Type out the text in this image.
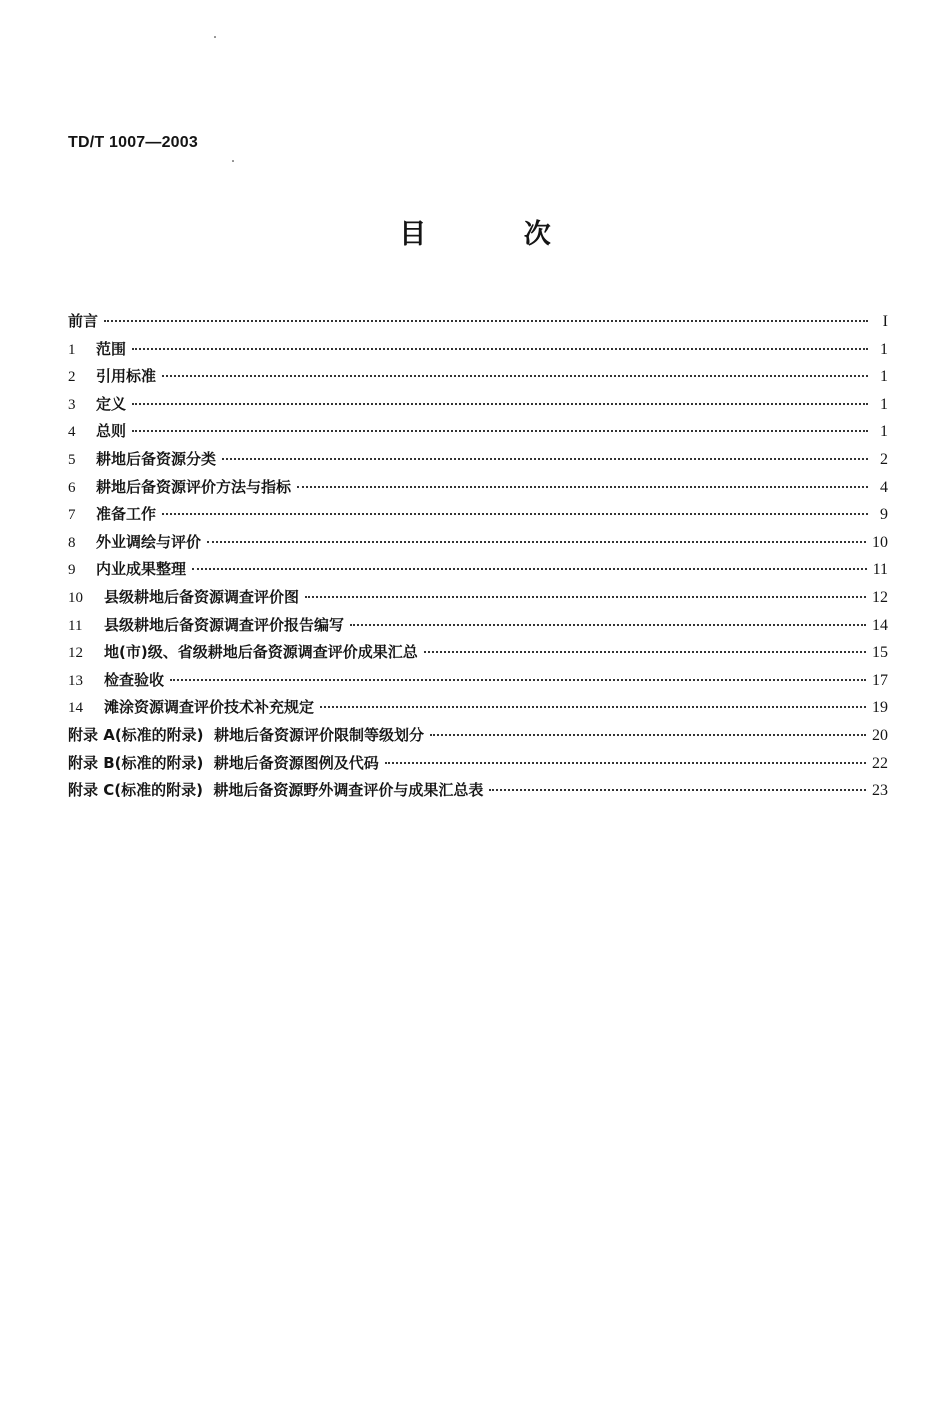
TD/T 1007—2003
目 次
前言	I
1	范围	1
2	引用标准	1
3	定义	1
4	总则	1
5	耕地后备资源分类	2
6	耕地后备资源评价方法与指标	4
7	准备工作	9
8	外业调绘与评价	10
9	内业成果整理	11
10	县级耕地后备资源调查评价图	12
11	县级耕地后备资源调查评价报告编写	14
12	地(市)级、省级耕地后备资源调查评价成果汇总	15
13	检查验收	17
14	滩涂资源调查评价技术补充规定	19
附录 A(标准的附录)  耕地后备资源评价限制等级划分	20
附录 B(标准的附录)  耕地后备资源图例及代码	22
附录 C(标准的附录)  耕地后备资源野外调查评价与成果汇总表	23
